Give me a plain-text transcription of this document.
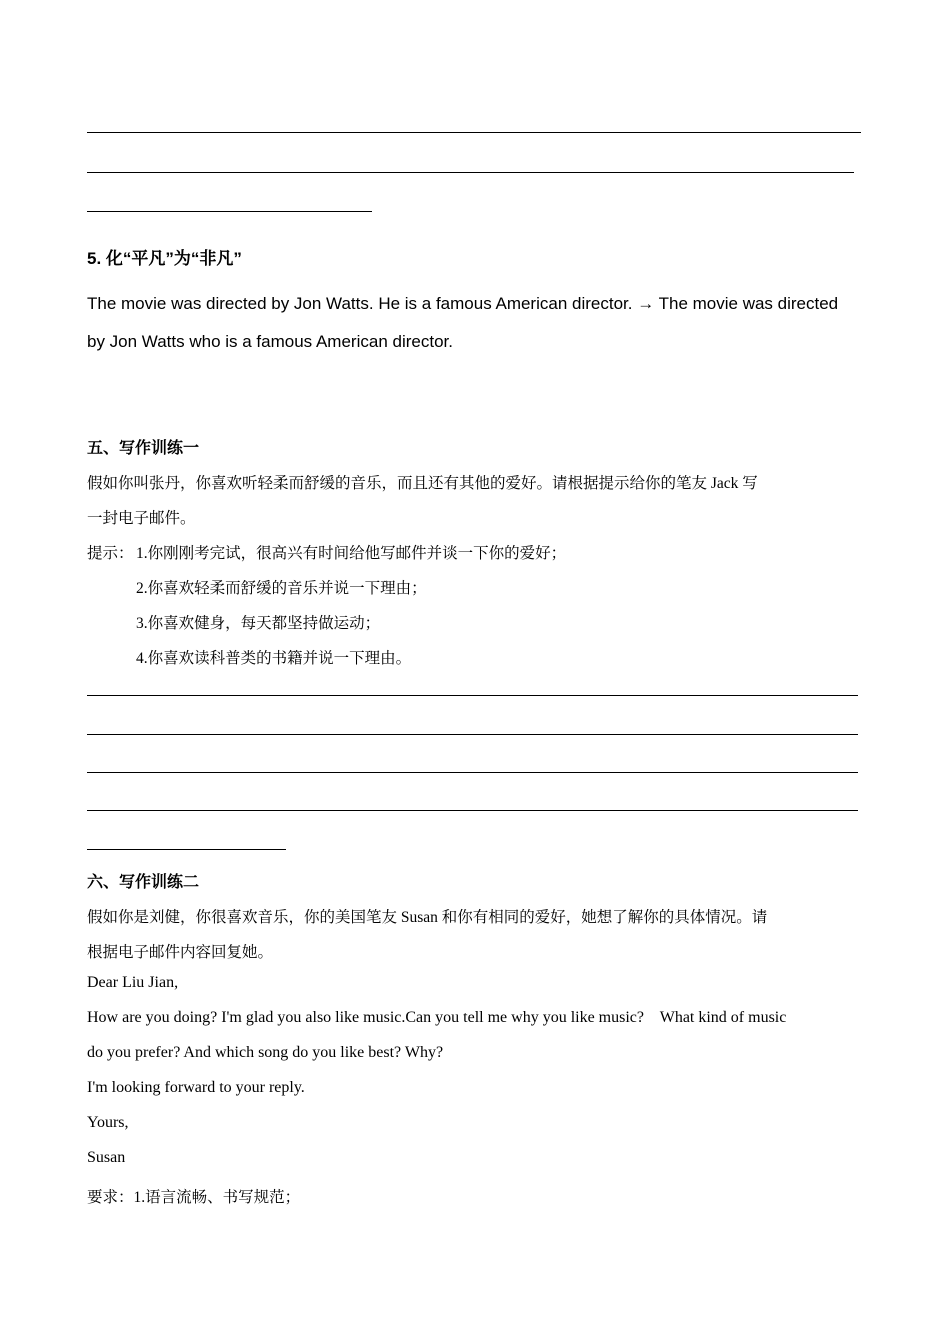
5. 化“平凡”为“非凡”
The movie was directed by Jon Watts. He is a famous American director. → The movie was directed
by Jon Watts who is a famous American director.
五、写作训练一
假如你叫张丹，你喜欢听轻柔而舒缓的音乐，而且还有其他的爱好。请根据提示给你的笔友 Jack 写
一封电子邮件。
提示： 1.你刚刚考完试，很高兴有时间给他写邮件并谈一下你的爱好；
2.你喜欢轻柔而舒缓的音乐并说一下理由；
3.你喜欢健身，每天都坚持做运动；
4.你喜欢读科普类的书籍并说一下理由。
六、写作训练二
假如你是刘健，你很喜欢音乐，你的美国笔友 Susan 和你有相同的爱好，她想了解你的具体情况。请
根据电子邮件内容回复她。
Dear Liu Jian,
How are you doing? I'm glad you also like music.Can you tell me why you like music?    What kind of music
do you prefer? And which song do you like best? Why?
I'm looking forward to your reply.
Yours,
Susan
要求：1.语言流畅、书写规范；
